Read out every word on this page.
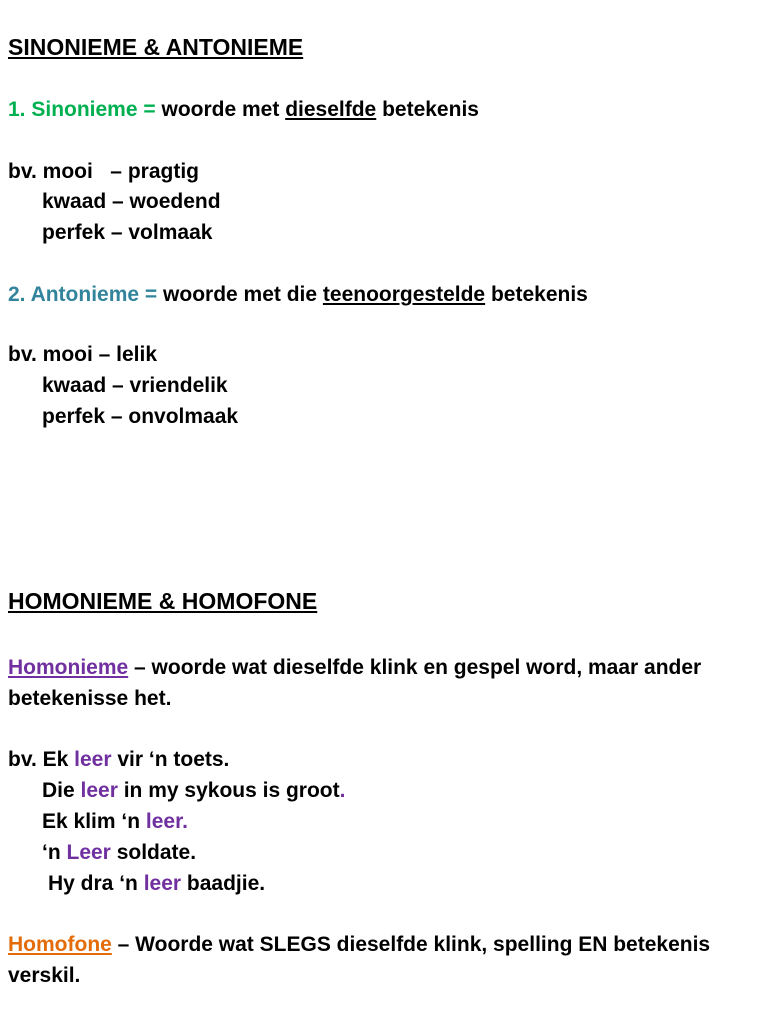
SINONIEME & ANTONIEME
1. Sinonieme = woorde met dieselfde betekenis
bv. mooi   – pragtig
kwaad – woedend
perfek – volmaak
2. Antonieme = woorde met die teenoorgestelde betekenis
bv. mooi – lelik
kwaad – vriendelik
perfek – onvolmaak
HOMONIEME & HOMOFONE
Homonieme – woorde wat dieselfde klink en gespel word, maar ander
betekenisse het.
bv. Ek leer vir ‘n toets.
Die leer in my sykous is groot.
Ek klim ‘n leer.
‘n Leer soldate.
Hy dra ‘n leer baadjie.
Homofone – Woorde wat SLEGS dieselfde klink, spelling EN betekenis
verskil.
